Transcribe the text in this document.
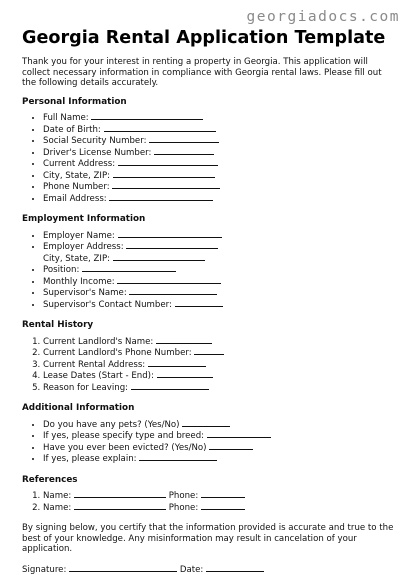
georgiadocs.com
Georgia Rental Application Template

Thank you for your interest in renting a property in Georgia. This application will collect necessary information in compliance with Georgia rental laws. Please fill out the following details accurately.

Personal Information
• Full Name:
• Date of Birth:
• Social Security Number:
• Driver's License Number:
• Current Address:
• City, State, ZIP:
• Phone Number:
• Email Address:
Employment Information
• Employer Name:
• Employer Address:
City, State, ZIP:
• Position:
• Monthly Income:
• Supervisor's Name:
• Supervisor's Contact Number:
Rental History
1. Current Landlord's Name:
2. Current Landlord's Phone Number:
3. Current Rental Address:
4. Lease Dates (Start - End):
5. Reason for Leaving:
Additional Information
• Do you have any pets? (Yes/No)
• If yes, please specify type and breed:
• Have you ever been evicted? (Yes/No)
• If yes, please explain:
References
1. Name:	Phone:
2. Name:	Phone:

By signing below, you certify that the information provided is accurate and true to the best of your knowledge. Any misinformation may result in cancelation of your application.

Signature:	Date:
